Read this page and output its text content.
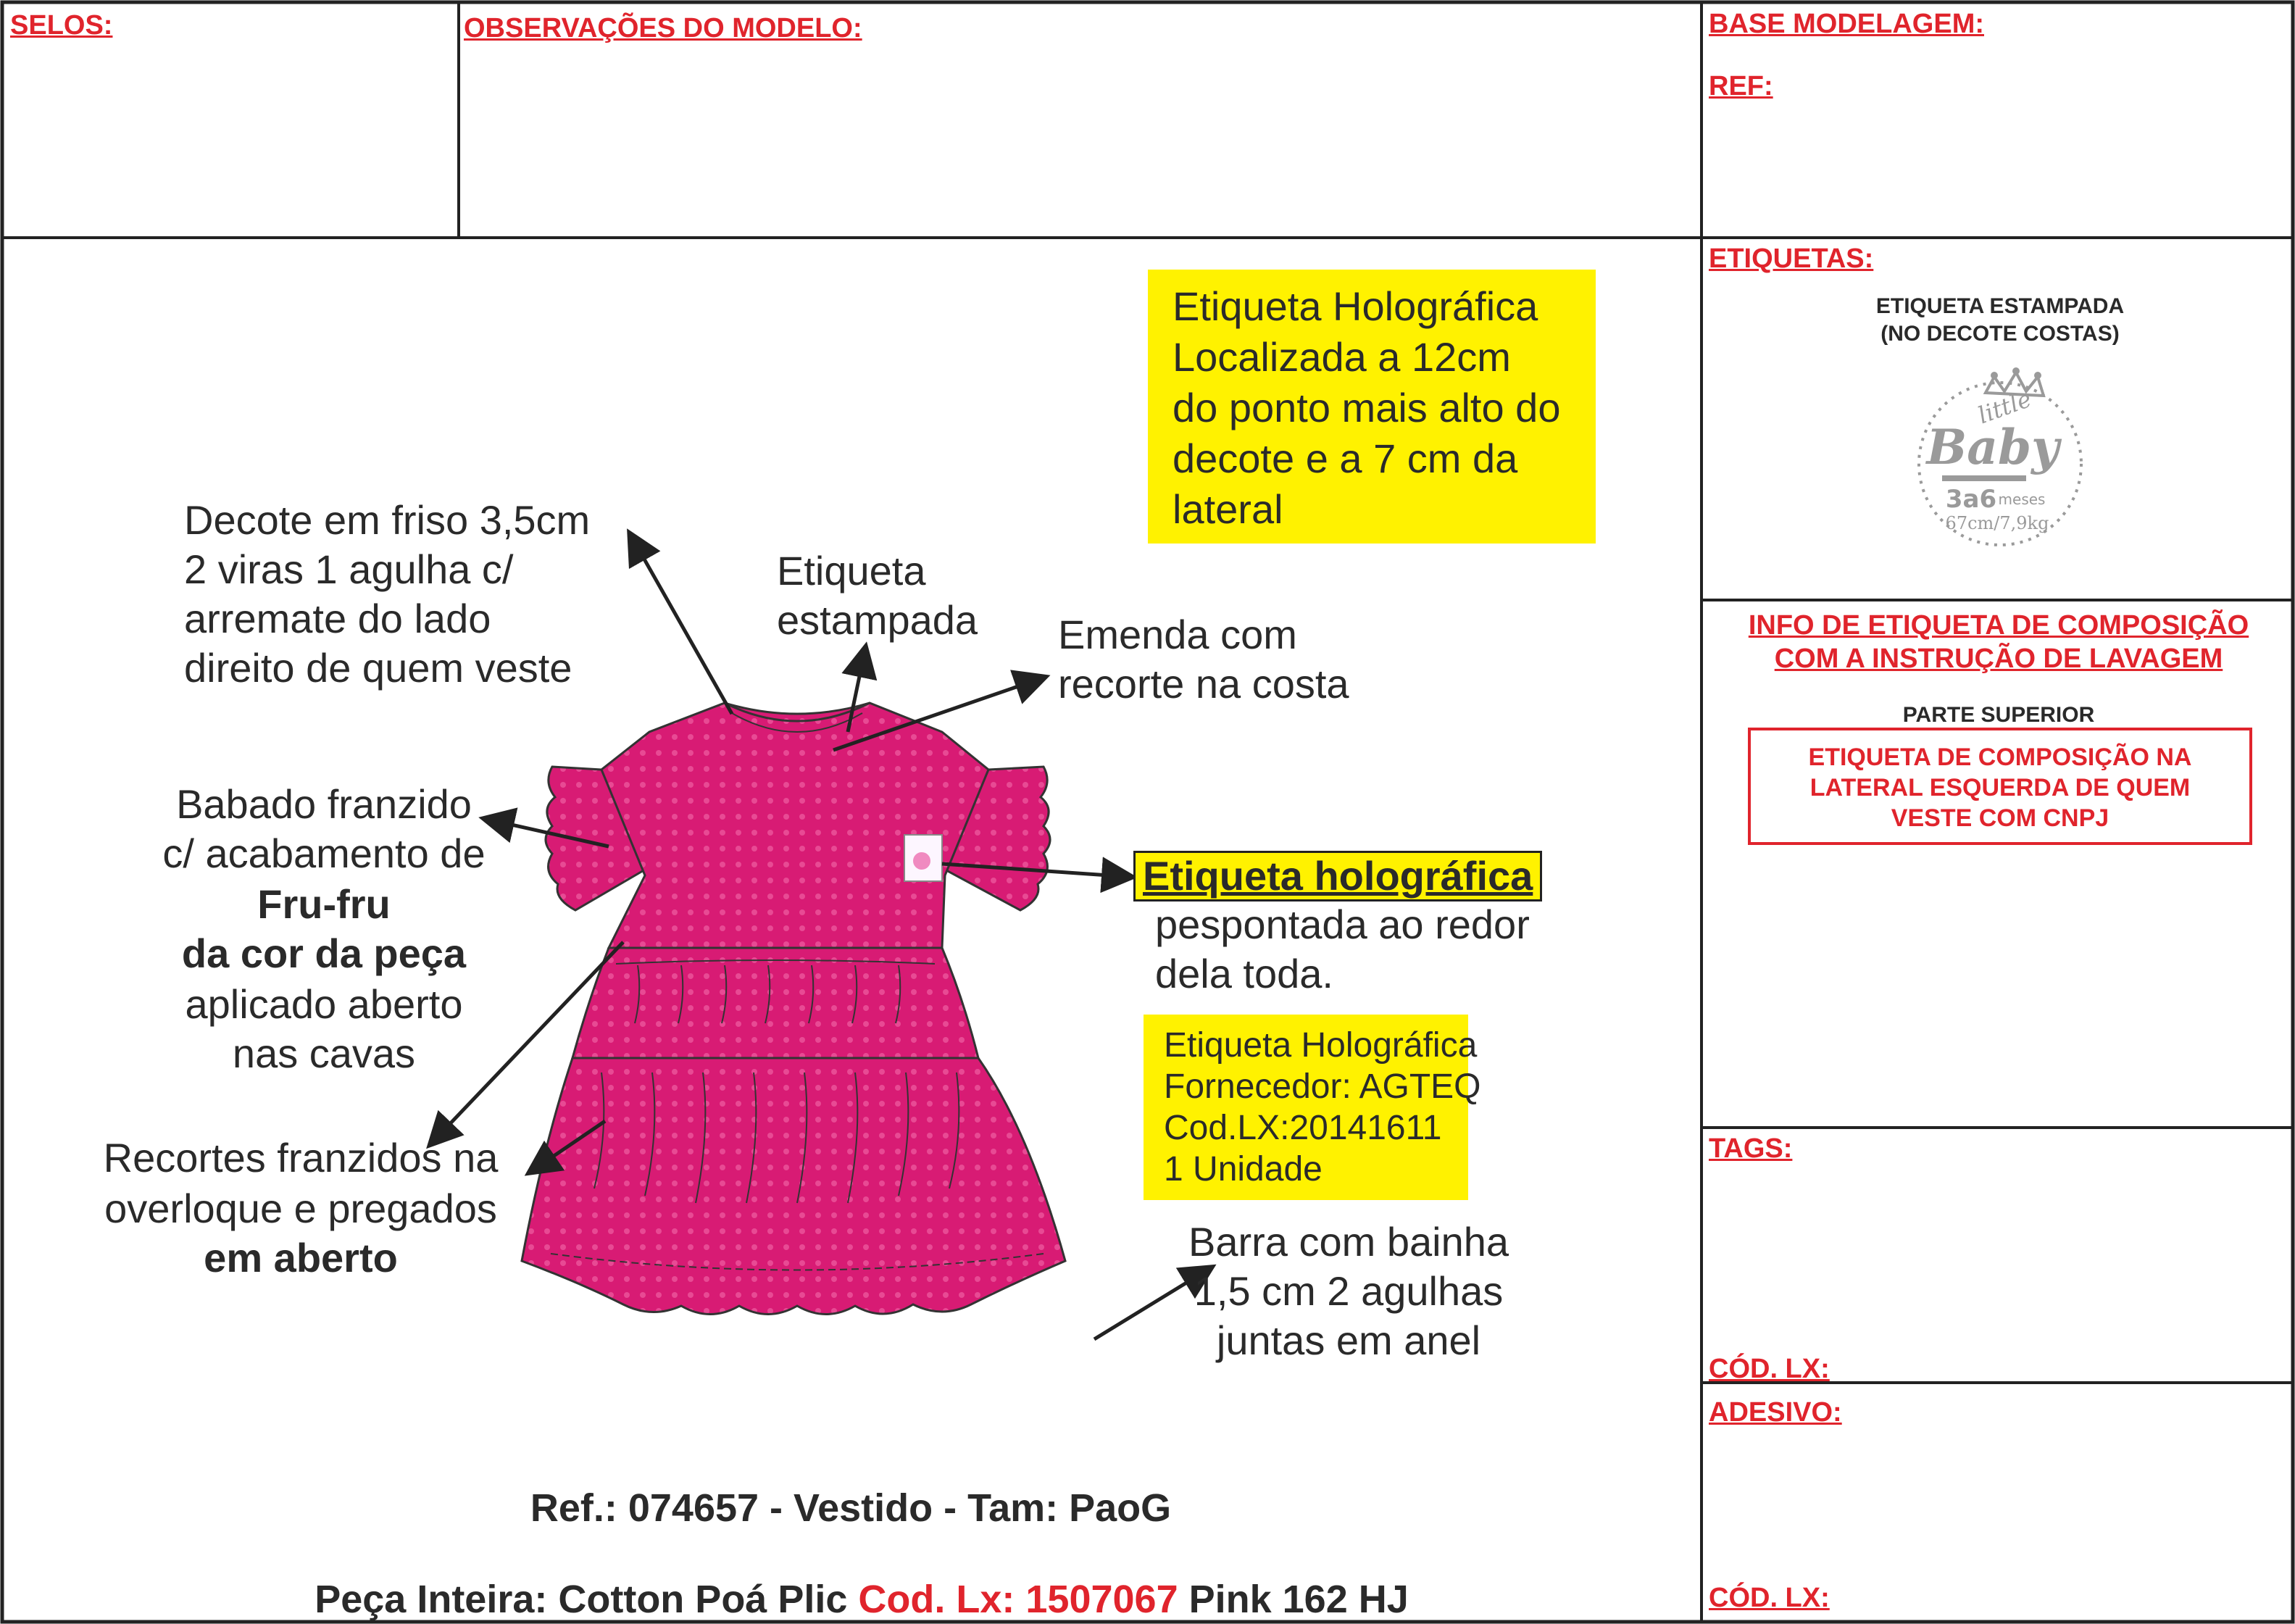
SELOS:	OBSERVAÇÕES DO MODELO:	BASE MODELAGEM:
REF:
ETIQUETAS:
ETIQUETA ESTAMPADA
(NO DECOTE COSTAS)
little
Baby
3a6 meses
67cm/7,9kg
INFO DE ETIQUETA DE COMPOSIÇÃO
COM A INSTRUÇÃO DE LAVAGEM
PARTE SUPERIOR
ETIQUETA DE COMPOSIÇÃO NA
LATERAL ESQUERDA DE QUEM
VESTE COM CNPJ
TAGS:
CÓD. LX:
ADESIVO:
CÓD. LX:
Decote em friso 3,5cm
2 viras 1 agulha c/
arremate do lado
direito de quem veste
Etiqueta
estampada Emenda com
recorte na costa
Babado franzido
c/ acabamento de
Fru-fru
da cor da peça
aplicado aberto
nas cavas
Recortes franzidos na
overloque e pregados
em aberto
Etiqueta holográfica
pespontada ao redor
dela toda.
Barra com bainha
1,5 cm 2 agulhas
juntas em anel
Etiqueta Holográfica
Localizada a 12cm
do ponto mais alto do
decote e a 7 cm da
lateral
Etiqueta Holográfica
Fornecedor: AGTEQ
Cod.LX:20141611
1 Unidade
Ref.: 074657 - Vestido - Tam: PaoG

Peça Inteira: Cotton Poá Plic Cod. Lx: 1507067 Pink 162 HJ
